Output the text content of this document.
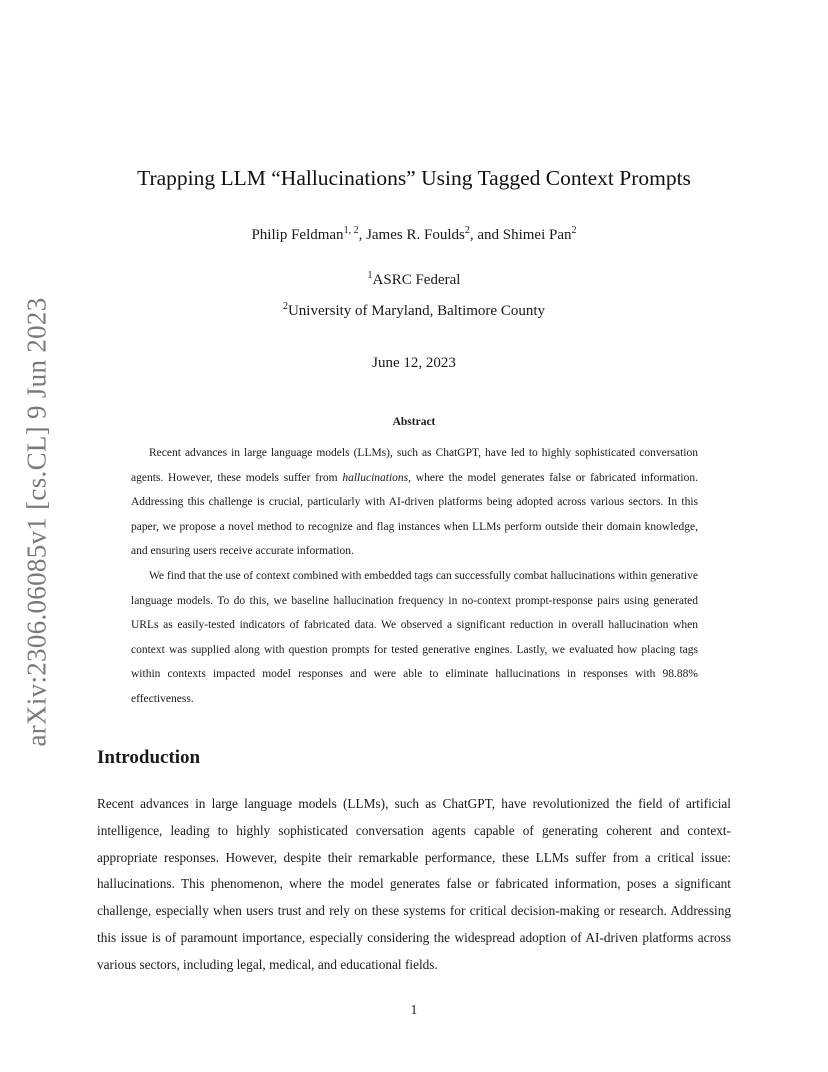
arXiv:2306.06085v1 [cs.CL] 9 Jun 2023
Trapping LLM “Hallucinations” Using Tagged Context Prompts
Philip Feldman$^{1, 2}$, James R. Foulds$^2$, and Shimei Pan$^2$
$^1$ASRC Federal
$^2$University of Maryland, Baltimore County
June 12, 2023
Abstract

Recent advances in large language models (LLMs), such as ChatGPT, have led to highly sophisticated conversation agents. However, these models suffer from hallucinations, where the model generates false or fabricated information. Addressing this challenge is crucial, particularly with AI-driven platforms being adopted across various sectors. In this paper, we propose a novel method to recognize and flag instances when LLMs perform outside their domain knowledge, and ensuring users receive accurate information.

We find that the use of context combined with embedded tags can successfully combat hallucinations within generative language models. To do this, we baseline hallucination frequency in no-context prompt-response pairs using generated URLs as easily-tested indicators of fabricated data. We observed a significant reduction in overall hallucination when context was supplied along with question prompts for tested generative engines. Lastly, we evaluated how placing tags within contexts impacted model responses and were able to eliminate hallucinations in responses with 98.88% effectiveness.

Introduction

Recent advances in large language models (LLMs), such as ChatGPT, have revolutionized the field of artificial intelligence, leading to highly sophisticated conversation agents capable of generating coherent and context-appropriate responses. However, despite their remarkable performance, these LLMs suffer from a critical issue: hallucinations. This phenomenon, where the model generates false or fabricated information, poses a significant challenge, especially when users trust and rely on these systems for critical decision-making or research. Addressing this issue is of paramount importance, especially considering the widespread adoption of AI-driven platforms across various sectors, including legal, medical, and educational fields.

1
